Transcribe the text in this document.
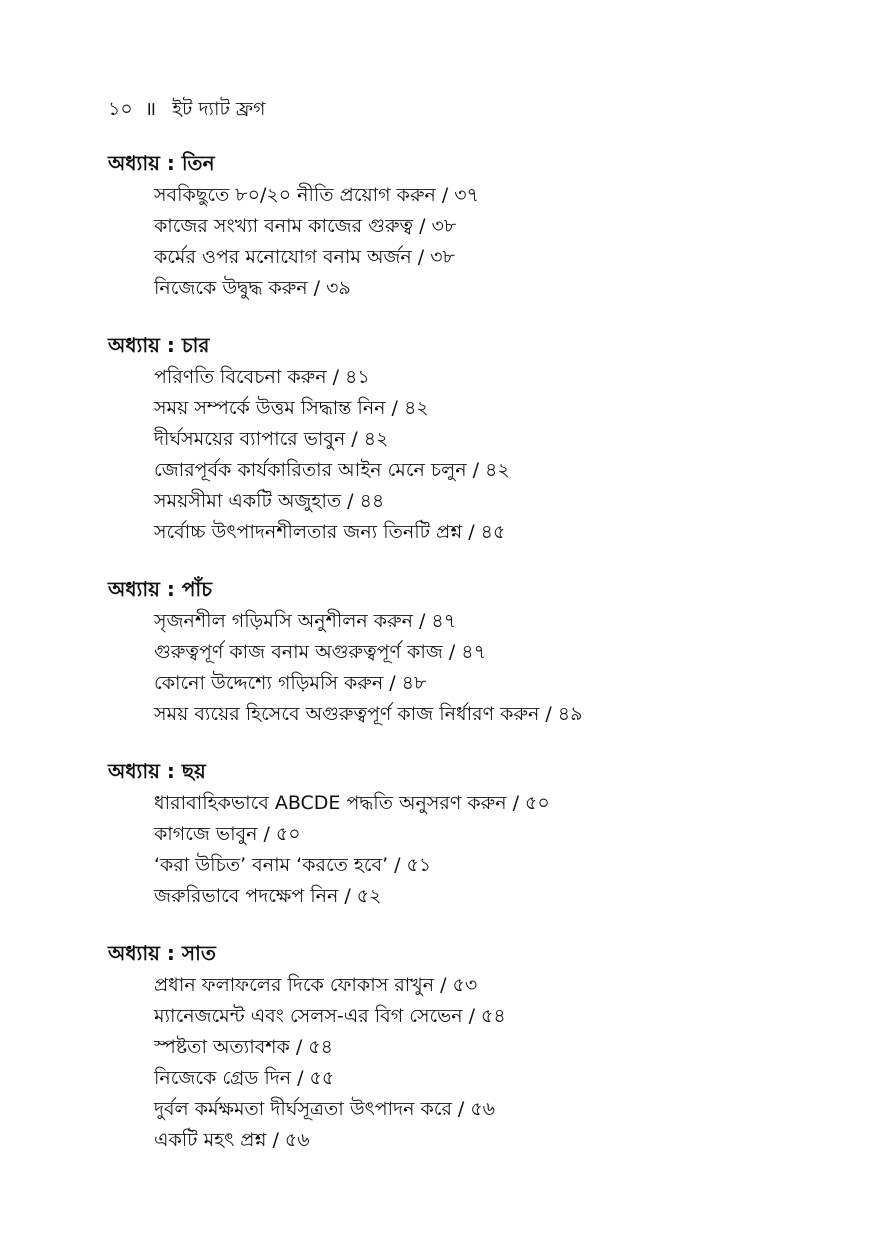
১০ ॥ ইট দ্যাট ফ্রগ
অধ্যায় : তিন
সবকিছুতে ৮০/২০ নীতি প্রয়োগ করুন / ৩৭
কাজের সংখ্যা বনাম কাজের গুরুত্ব / ৩৮
কর্মের ওপর মনোযোগ বনাম অর্জন / ৩৮
নিজেকে উদ্বুদ্ধ করুন / ৩৯
অধ্যায় : চার
পরিণতি বিবেচনা করুন / ৪১
সময় সম্পর্কে উত্তম সিদ্ধান্ত নিন / ৪২
দীর্ঘসময়ের ব্যাপারে ভাবুন / ৪২
জোরপূর্বক কার্যকারিতার আইন মেনে চলুন / ৪২
সময়সীমা একটি অজুহাত / ৪৪
সর্বোচ্চ উৎপাদনশীলতার জন্য তিনটি প্রশ্ন / ৪৫
অধ্যায় : পাঁচ
সৃজনশীল গড়িমসি অনুশীলন করুন / ৪৭
গুরুত্বপূর্ণ কাজ বনাম অগুরুত্বপূর্ণ কাজ / ৪৭
কোনো উদ্দেশ্যে গড়িমসি করুন / ৪৮
সময় ব্যয়ের হিসেবে অগুরুত্বপূর্ণ কাজ নির্ধারণ করুন / ৪৯
অধ্যায় : ছয়
ধারাবাহিকভাবে ABCDE পদ্ধতি অনুসরণ করুন / ৫০
কাগজে ভাবুন / ৫০
‘করা উচিত’ বনাম ‘করতে হবে’ / ৫১
জরুরিভাবে পদক্ষেপ নিন / ৫২
অধ্যায় : সাত
প্রধান ফলাফলের দিকে ফোকাস রাখুন / ৫৩
ম্যানেজমেন্ট এবং সেলস-এর বিগ সেভেন / ৫৪
স্পষ্টতা অত্যাবশক / ৫৪
নিজেকে গ্রেড দিন / ৫৫
দুর্বল কর্মক্ষমতা দীর্ঘসূত্রতা উৎপাদন করে / ৫৬
একটি মহৎ প্রশ্ন / ৫৬
